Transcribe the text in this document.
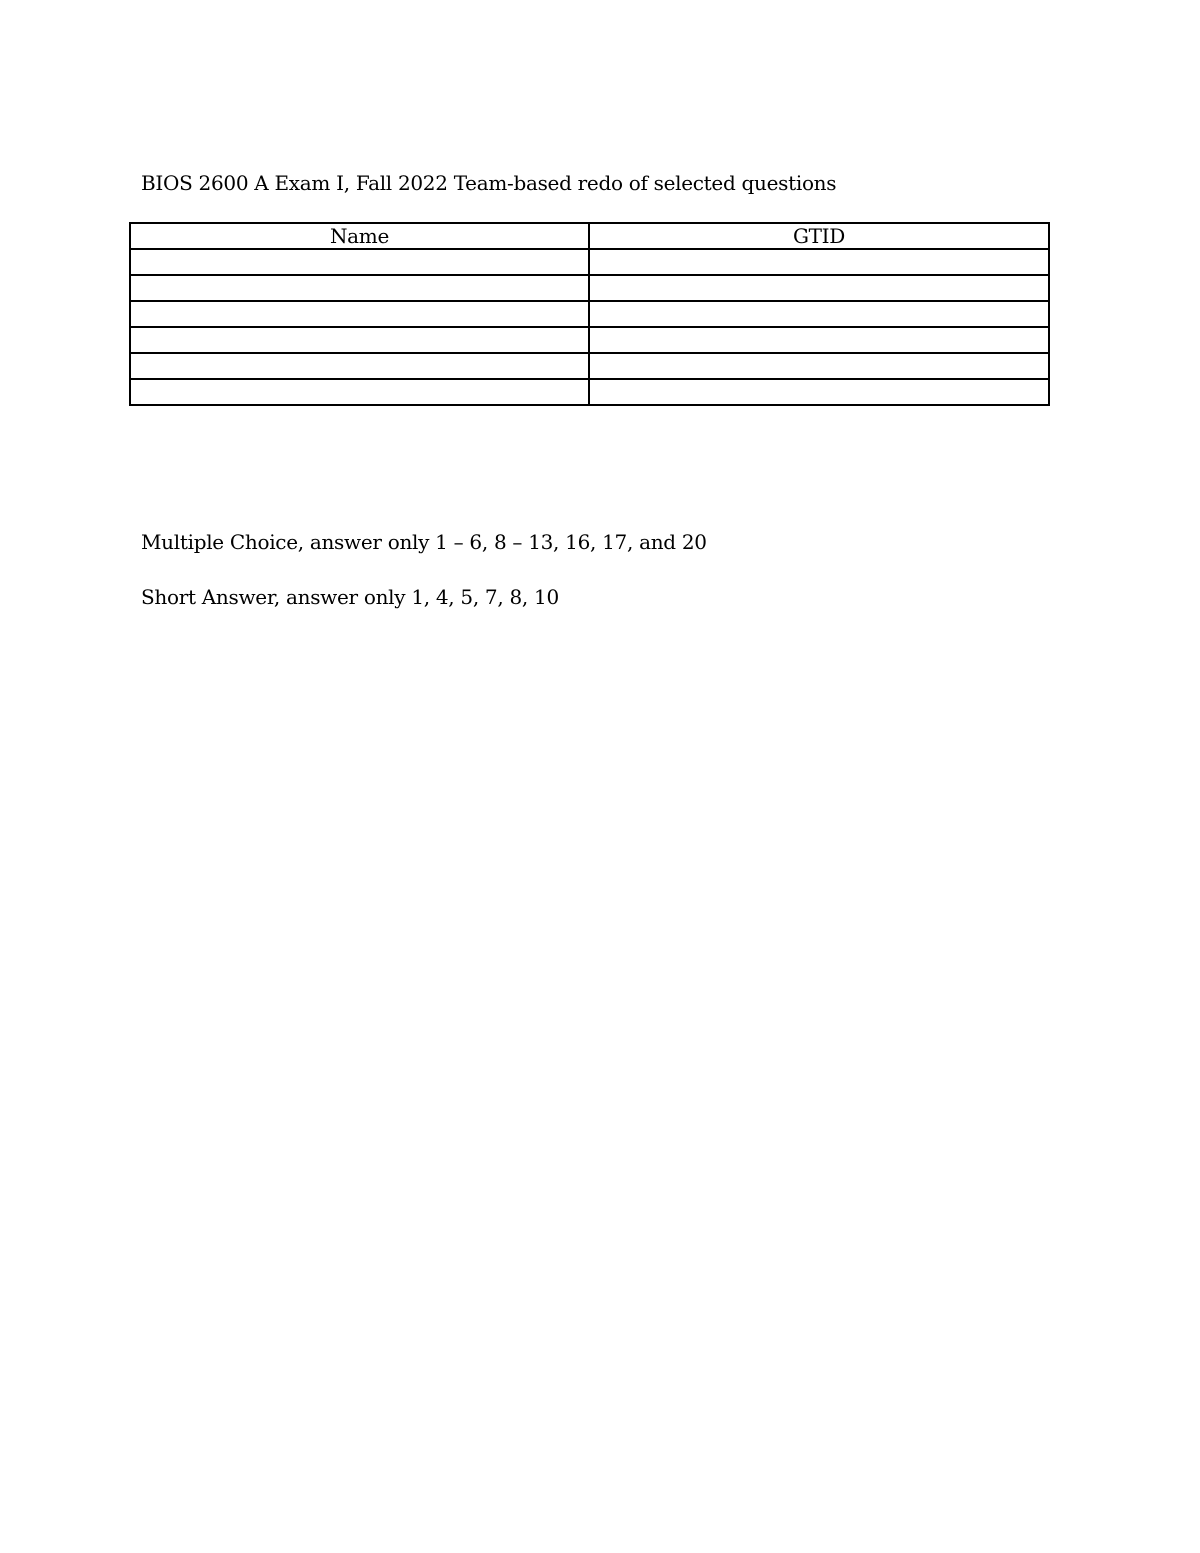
BIOS 2600 A Exam I, Fall 2022 Team-based redo of selected questions
Name	GTID

Multiple Choice, answer only 1 – 6, 8 – 13, 16, 17, and 20
Short Answer, answer only 1, 4, 5, 7, 8, 10
